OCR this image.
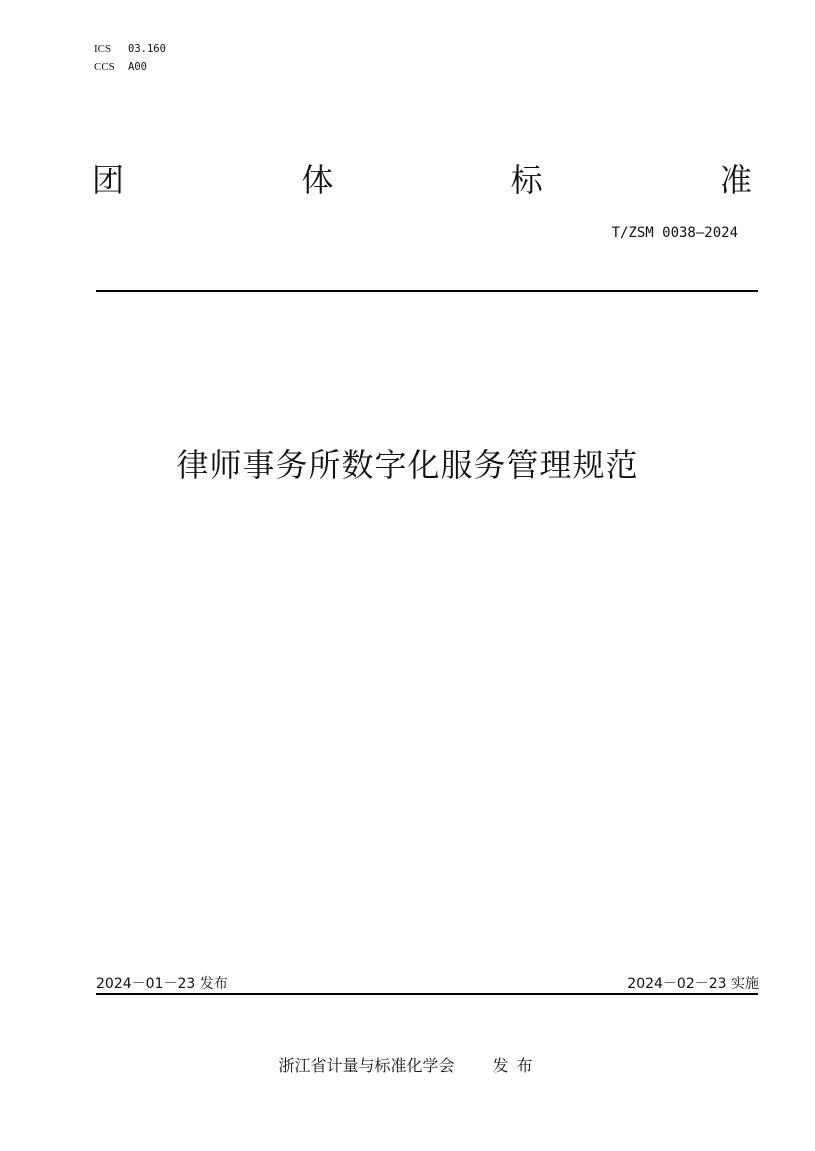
ICS 03.160
CCS A00
团	体	标	准
T/ZSM 0038—2024
律师事务所数字化服务管理规范
2024－01－23 发布	2024－02－23 实施
浙江省计量与标准化学会 发 布
